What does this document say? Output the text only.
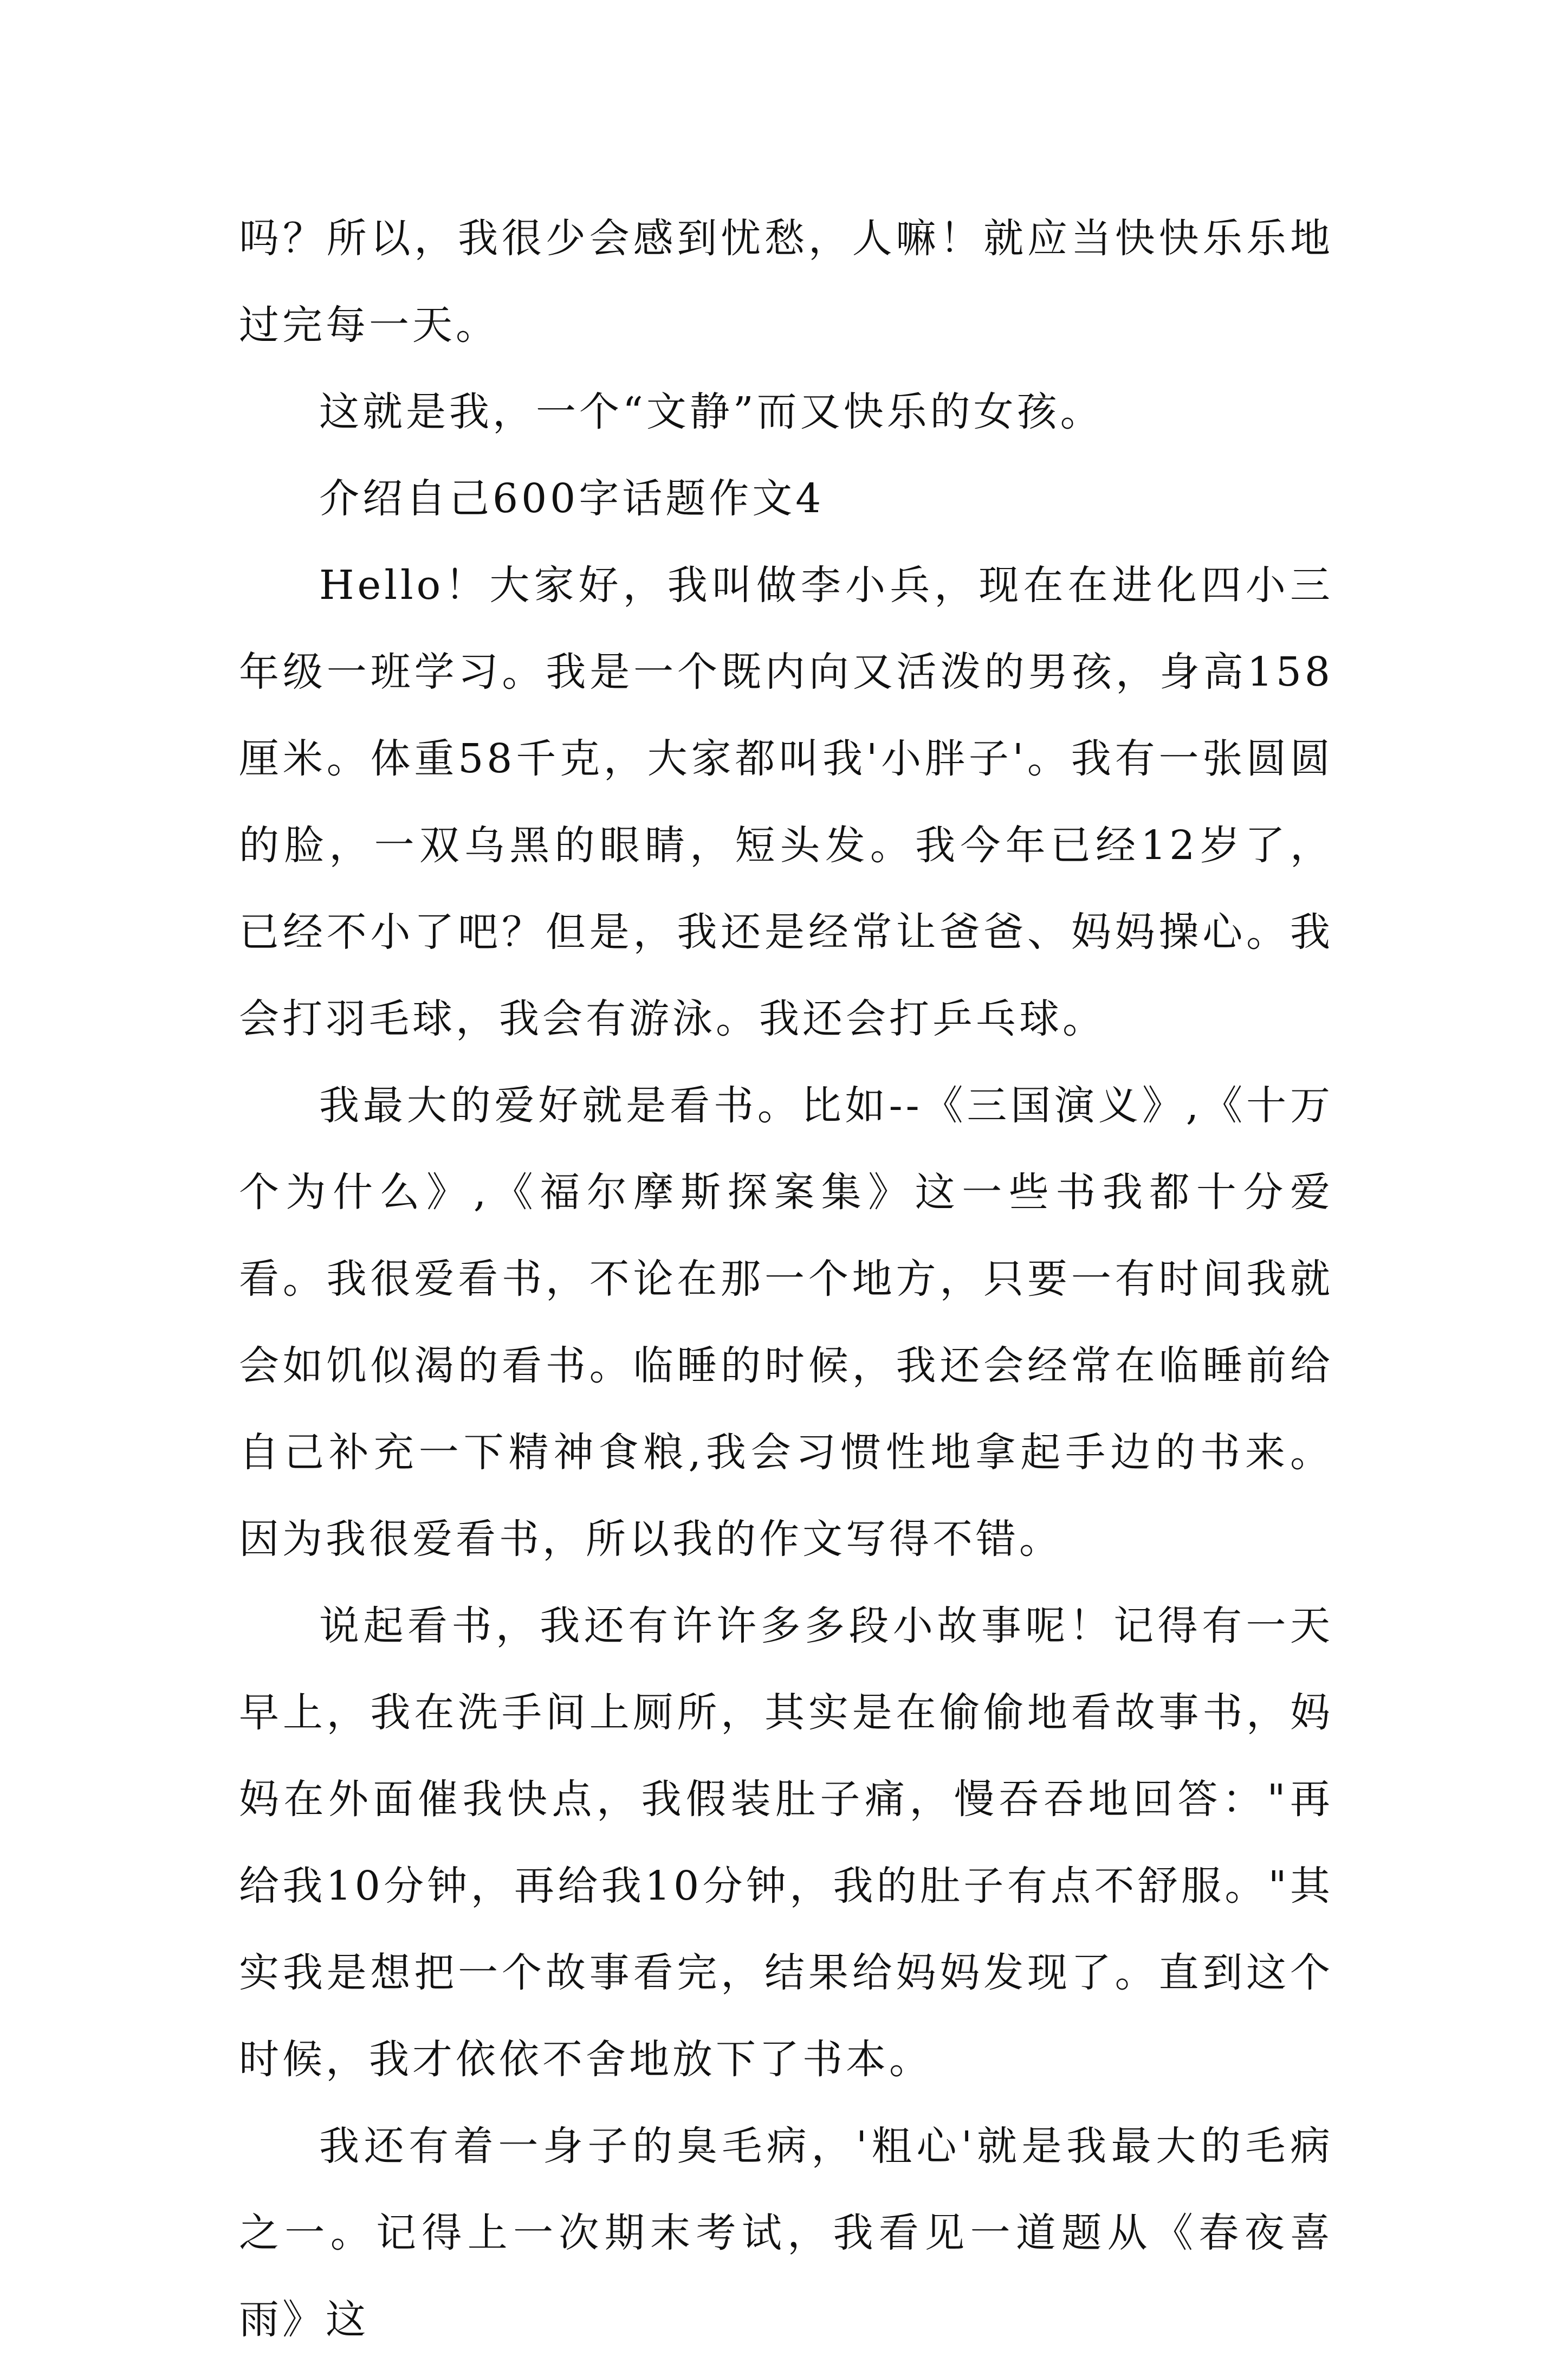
吗？所以，我很少会感到忧愁，人嘛！就应当快快乐乐地过完每一天。

这就是我，一个“文静”而又快乐的女孩。

介绍自己600字话题作文4

Hello！大家好，我叫做李小兵，现在在进化四小三年级一班学习。我是一个既内向又活泼的男孩，身高158厘米。体重58千克，大家都叫我'小胖子'。我有一张圆圆的脸，一双乌黑的眼睛，短头发。我今年已经12岁了，已经不小了吧？但是，我还是经常让爸爸、妈妈操心。我会打羽毛球，我会有游泳。我还会打乒乓球。

我最大的爱好就是看书。比如--《三国演义》,《十万个为什么》,《福尔摩斯探案集》这一些书我都十分爱看。我很爱看书，不论在那一个地方，只要一有时间我就会如饥似渴的看书。临睡的时候，我还会经常在临睡前给自己补充一下精神食粮,我会习惯性地拿起手边的书来。因为我很爱看书，所以我的作文写得不错。

说起看书，我还有许许多多段小故事呢！记得有一天早上，我在洗手间上厕所，其实是在偷偷地看故事书，妈妈在外面催我快点，我假装肚子痛，慢吞吞地回答："再给我10分钟，再给我10分钟，我的肚子有点不舒服。"其实我是想把一个故事看完，结果给妈妈发现了。直到这个时候，我才依依不舍地放下了书本。

我还有着一身子的臭毛病，'粗心'就是我最大的毛病之一。记得上一次期末考试，我看见一道题从《春夜喜雨》这
